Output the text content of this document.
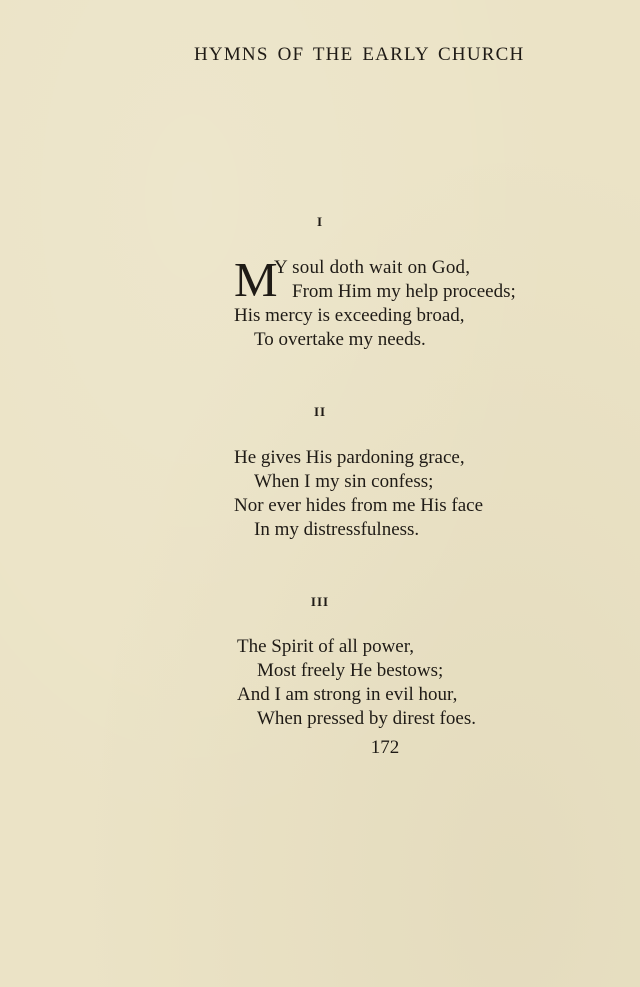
HYMNS OF THE EARLY CHURCH
I
M
Y soul doth wait on God,
From Him my help proceeds;
His mercy is exceeding broad,
To overtake my needs.
II
He gives His pardoning grace,
When I my sin confess;
Nor ever hides from me His face
In my distressfulness.
III
The Spirit of all power,
Most freely He bestows;
And I am strong in evil hour,
When pressed by direst foes.
172
